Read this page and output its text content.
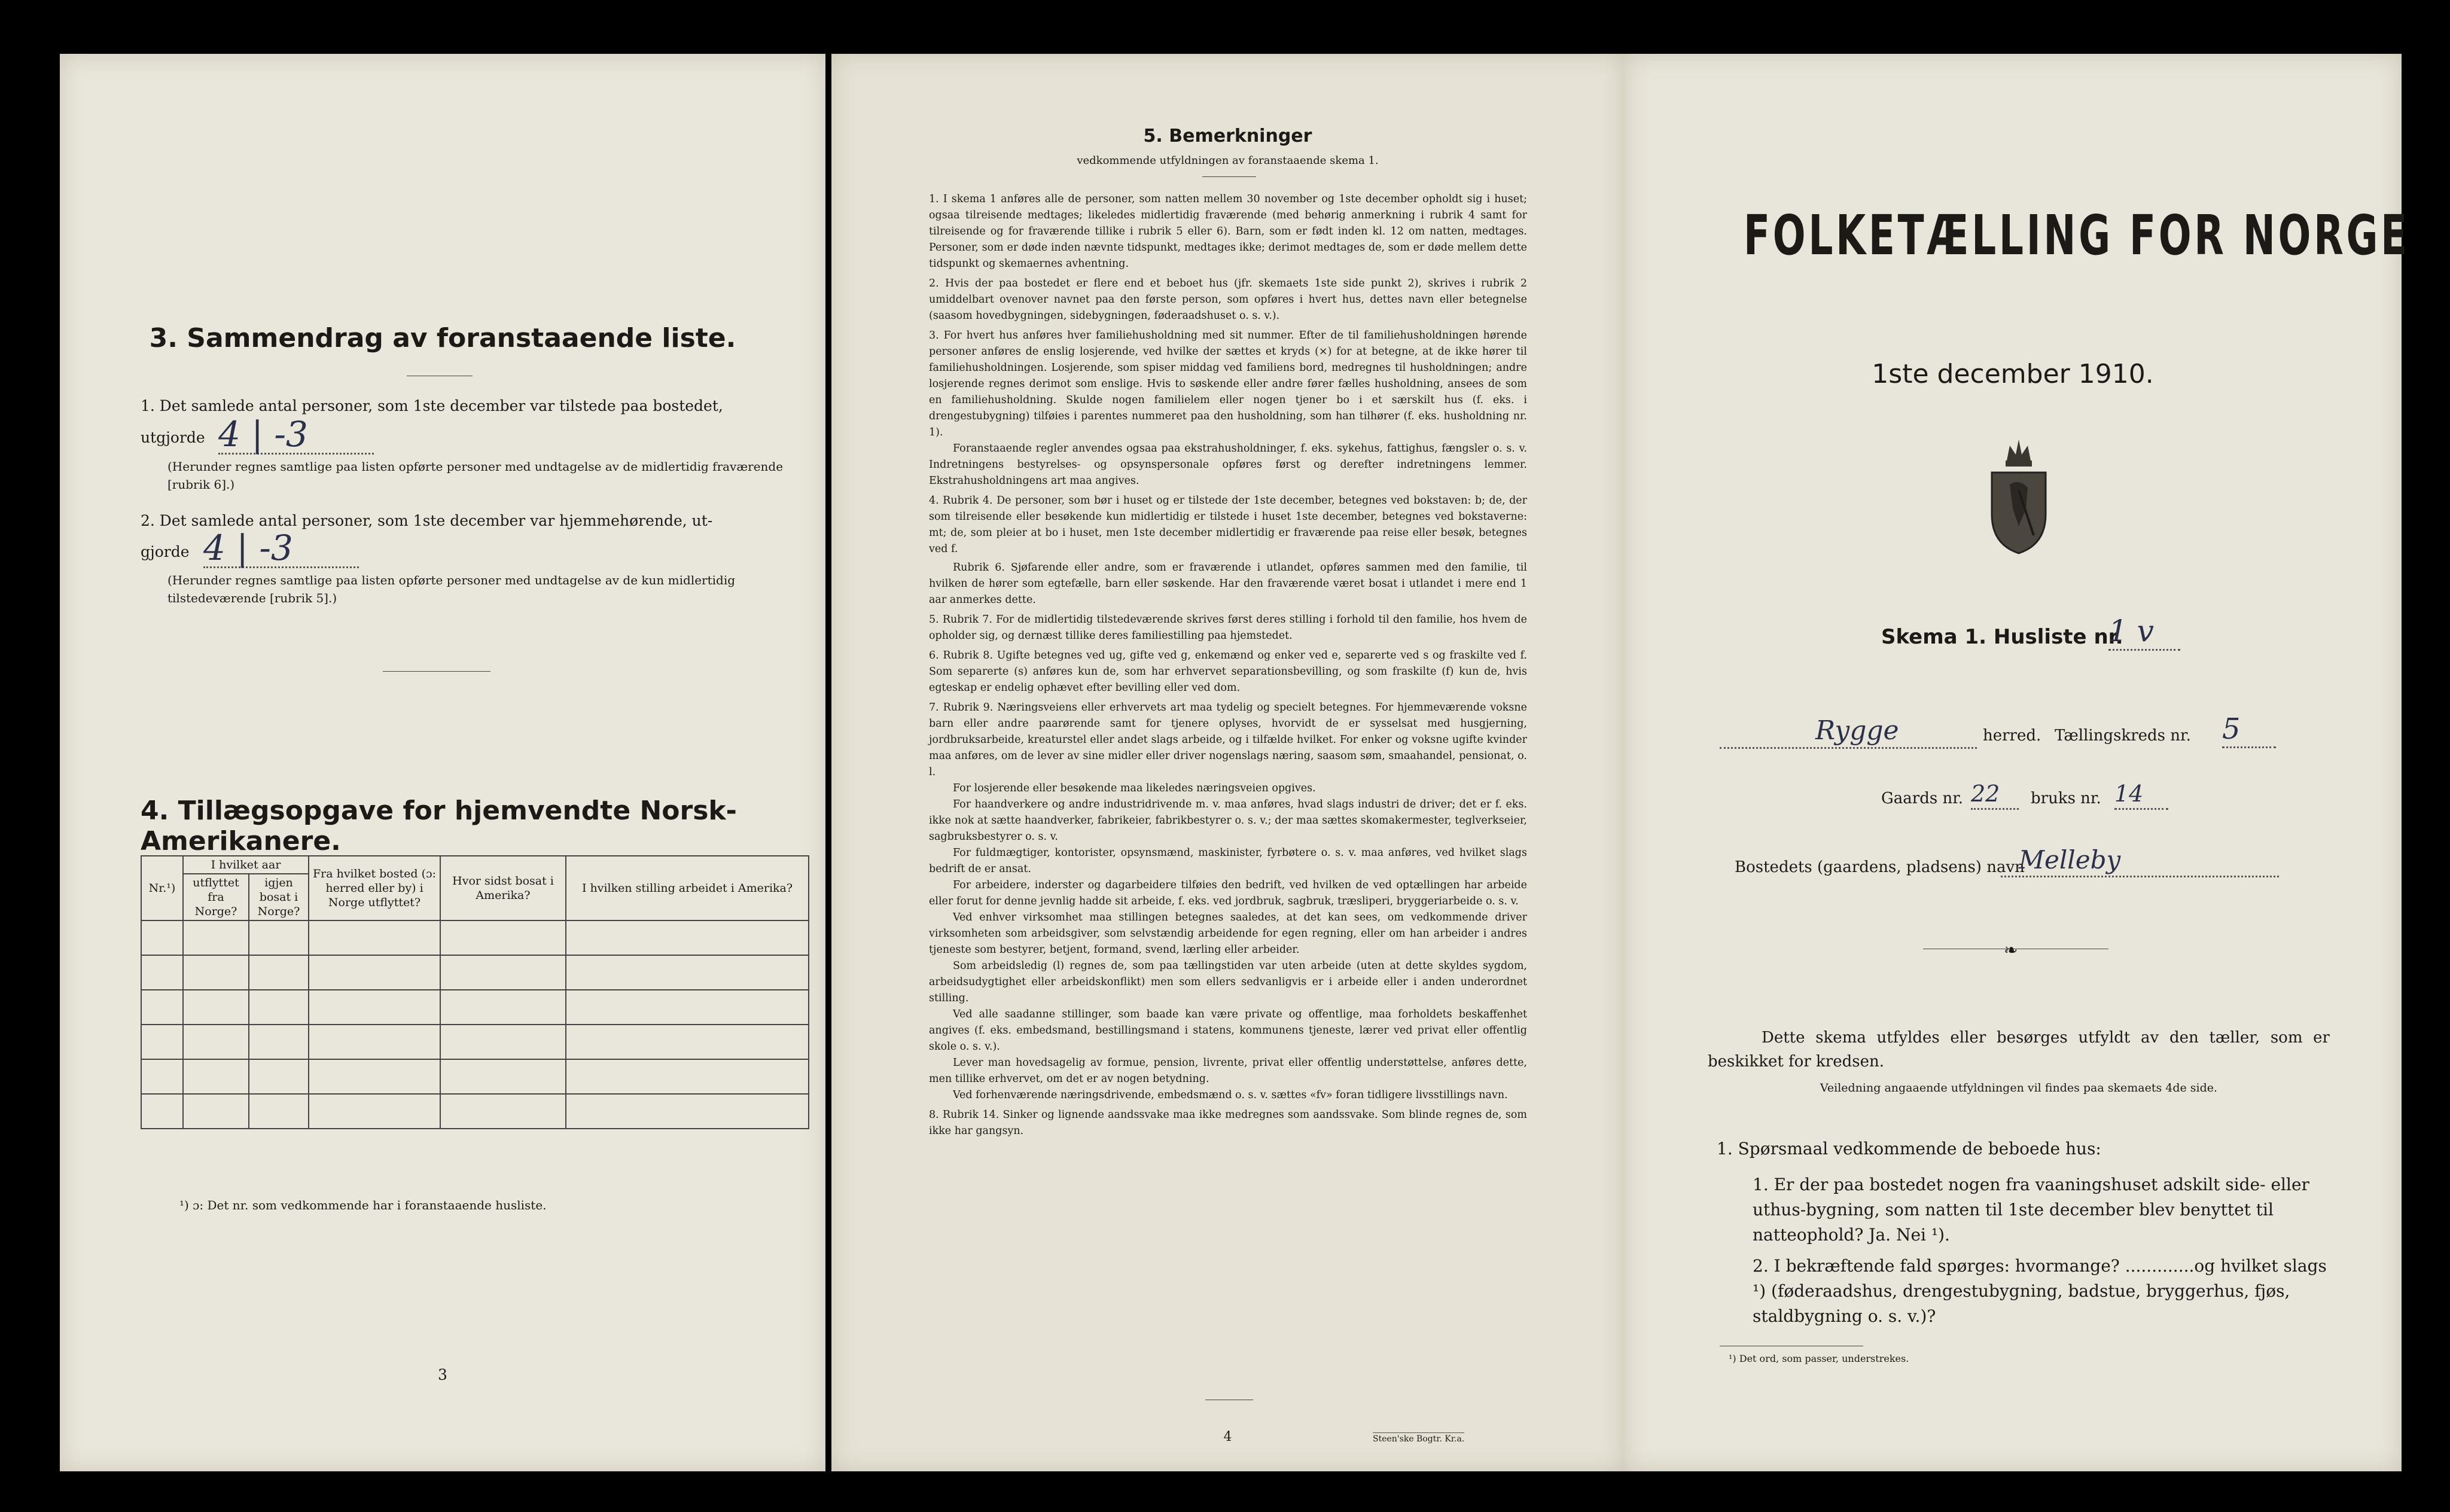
3. Sammendrag av foranstaaende liste.
1. Det samlede antal personer, som 1ste december var tilstede paa bostedet,
utgjorde 4 | -3
(Herunder regnes samtlige paa listen opførte personer med undtagelse av de midlertidig fraværende [rubrik 6].)
2. Det samlede antal personer, som 1ste december var hjemmehørende, ut-
gjorde 4 | -3
(Herunder regnes samtlige paa listen opførte personer med undtagelse av de kun midlertidig tilstedeværende [rubrik 5].)
4. Tillægsopgave for hjemvendte Norsk-Amerikanere.
Nr.¹)	I hvilket aar		Fra hvilket bosted (ɔ: herred eller by) i Norge utflyttet?	Hvor sidst bosat i Amerika?	I hvilken stilling arbeidet i Amerika?
	utflyttet fra Norge?	igjen bosat i Norge?			

¹) ɔ: Det nr. som vedkommende har i foranstaaende husliste.
3
5. Bemerkninger
vedkommende utfyldningen av foranstaaende skema 1.

1. I skema 1 anføres alle de personer, som natten mellem 30 november og 1ste december opholdt sig i huset; ogsaa tilreisende medtages; likeledes midlertidig fraværende (med behørig anmerkning i rubrik 4 samt for tilreisende og for fraværende tillike i rubrik 5 eller 6). Barn, som er født inden kl. 12 om natten, medtages. Personer, som er døde inden nævnte tidspunkt, medtages ikke; derimot medtages de, som er døde mellem dette tidspunkt og skemaernes avhentning.

2. Hvis der paa bostedet er flere end et beboet hus (jfr. skemaets 1ste side punkt 2), skrives i rubrik 2 umiddelbart ovenover navnet paa den første person, som opføres i hvert hus, dettes navn eller betegnelse (saasom hovedbygningen, sidebygningen, føderaadshuset o. s. v.).

3. For hvert hus anføres hver familiehusholdning med sit nummer. Efter de til familiehusholdningen hørende personer anføres de enslig losjerende, ved hvilke der sættes et kryds (×) for at betegne, at de ikke hører til familiehusholdningen. Losjerende, som spiser middag ved familiens bord, medregnes til husholdningen; andre losjerende regnes derimot som enslige. Hvis to søskende eller andre fører fælles husholdning, ansees de som en familiehusholdning. Skulde nogen familielem eller nogen tjener bo i et særskilt hus (f. eks. i drengestubygning) tilføies i parentes nummeret paa den husholdning, som han tilhører (f. eks. husholdning nr. 1).

Foranstaaende regler anvendes ogsaa paa ekstrahusholdninger, f. eks. sykehus, fattighus, fængsler o. s. v. Indretningens bestyrelses- og opsynspersonale opføres først og derefter indretningens lemmer. Ekstrahusholdningens art maa angives.

4. Rubrik 4. De personer, som bør i huset og er tilstede der 1ste december, betegnes ved bokstaven: b; de, der som tilreisende eller besøkende kun midlertidig er tilstede i huset 1ste december, betegnes ved bokstaverne: mt; de, som pleier at bo i huset, men 1ste december midlertidig er fraværende paa reise eller besøk, betegnes ved f.

Rubrik 6. Sjøfarende eller andre, som er fraværende i utlandet, opføres sammen med den familie, til hvilken de hører som egtefælle, barn eller søskende. Har den fraværende været bosat i utlandet i mere end 1 aar anmerkes dette.

5. Rubrik 7. For de midlertidig tilstedeværende skrives først deres stilling i forhold til den familie, hos hvem de opholder sig, og dernæst tillike deres familiestilling paa hjemstedet.

6. Rubrik 8. Ugifte betegnes ved ug, gifte ved g, enkemænd og enker ved e, separerte ved s og fraskilte ved f. Som separerte (s) anføres kun de, som har erhvervet separationsbevilling, og som fraskilte (f) kun de, hvis egteskap er endelig ophævet efter bevilling eller ved dom.

7. Rubrik 9. Næringsveiens eller erhvervets art maa tydelig og specielt betegnes. For hjemmeværende voksne barn eller andre paarørende samt for tjenere oplyses, hvorvidt de er sysselsat med husgjerning, jordbruksarbeide, kreaturstel eller andet slags arbeide, og i tilfælde hvilket. For enker og voksne ugifte kvinder maa anføres, om de lever av sine midler eller driver nogenslags næring, saasom søm, smaahandel, pensionat, o. l.

For losjerende eller besøkende maa likeledes næringsveien opgives.

For haandverkere og andre industridrivende m. v. maa anføres, hvad slags industri de driver; det er f. eks. ikke nok at sætte haandverker, fabrikeier, fabrikbestyrer o. s. v.; der maa sættes skomakermester, teglverkseier, sagbruksbestyrer o. s. v.

For fuldmægtiger, kontorister, opsynsmænd, maskinister, fyrbøtere o. s. v. maa anføres, ved hvilket slags bedrift de er ansat.

For arbeidere, inderster og dagarbeidere tilføies den bedrift, ved hvilken de ved optællingen har arbeide eller forut for denne jevnlig hadde sit arbeide, f. eks. ved jordbruk, sagbruk, træsliperi, bryggeriarbeide o. s. v.

Ved enhver virksomhet maa stillingen betegnes saaledes, at det kan sees, om vedkommende driver virksomheten som arbeidsgiver, som selvstændig arbeidende for egen regning, eller om han arbeider i andres tjeneste som bestyrer, betjent, formand, svend, lærling eller arbeider.

Som arbeidsledig (l) regnes de, som paa tællingstiden var uten arbeide (uten at dette skyldes sygdom, arbeidsudygtighet eller arbeidskonflikt) men som ellers sedvanligvis er i arbeide eller i anden underordnet stilling.

Ved alle saadanne stillinger, som baade kan være private og offentlige, maa forholdets beskaffenhet angives (f. eks. embedsmand, bestillingsmand i statens, kommunens tjeneste, lærer ved privat eller offentlig skole o. s. v.).

Lever man hovedsagelig av formue, pension, livrente, privat eller offentlig understøttelse, anføres dette, men tillike erhvervet, om det er av nogen betydning.

Ved forhenværende næringsdrivende, embedsmænd o. s. v. sættes «fv» foran tidligere livsstillings navn.

8. Rubrik 14. Sinker og lignende aandssvake maa ikke medregnes som aandssvake. Som blinde regnes de, som ikke har gangsyn.

4	Steen'ske Bogtr. Kr.a.
FOLKETÆLLING FOR NORGE
1ste december 1910.
Skema 1. Husliste nr.
1 v
Rygge	herred. Tællingskreds nr. 5
Gaards nr. 22	bruks nr. 14
Bostedets (gaardens, pladsens) navn
Melleby
❧
Dette skema utfyldes eller besørges utfyldt av den tæller, som er beskikket for kredsen.
Veiledning angaaende utfyldningen vil findes paa skemaets 4de side.
1. Spørsmaal vedkommende de beboede hus:
1. Er der paa bostedet nogen fra vaaningshuset adskilt side- eller uthus-bygning, som natten til 1ste december blev benyttet til natteophold? Ja. Nei ¹).
2. I bekræftende fald spørges: hvormange? .............og hvilket slags ¹) (føderaadshus, drengestubygning, badstue, bryggerhus, fjøs, staldbygning o. s. v.)?
¹) Det ord, som passer, understrekes.
